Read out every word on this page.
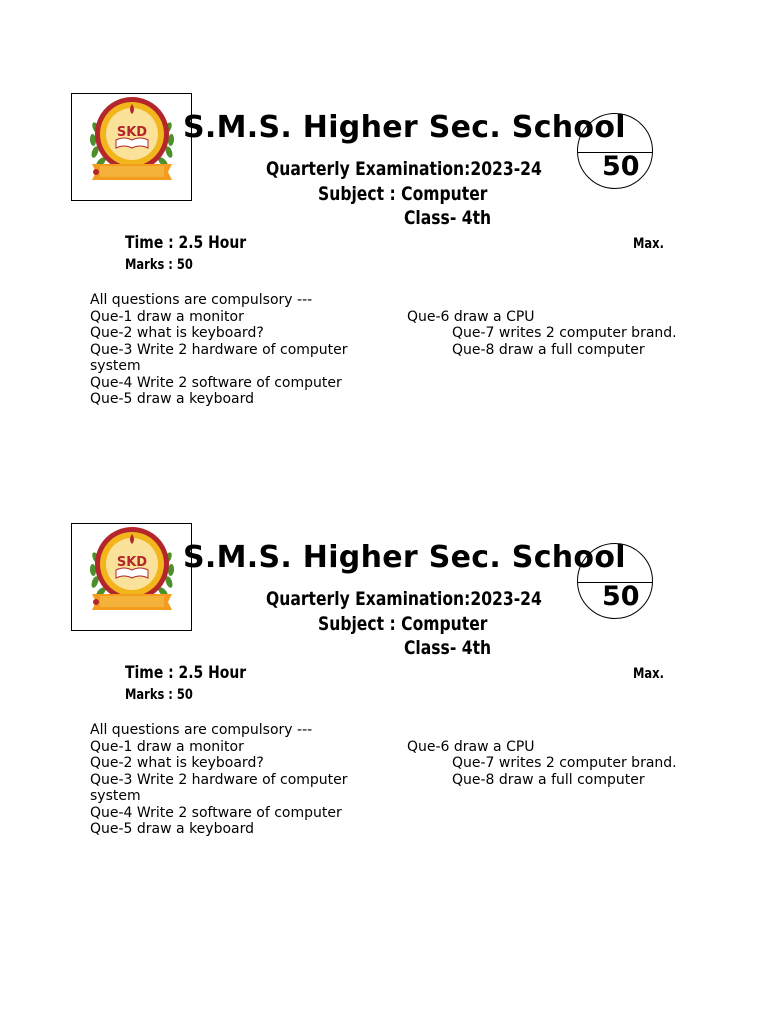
SKD S.M.S. Higher Sec. School
50
Quarterly Examination:2023-24
Subject : Computer
Class- 4th
Time : 2.5 Hour	Max.
Marks : 50
All questions are compulsory ---
Que-1 draw a monitor
Que-2 what is keyboard?
Que-3 Write 2 hardware of computer
system
Que-4 Write 2 software of computer
Que-5 draw a keyboard
Que-6 draw a CPU
Que-7 writes 2 computer brand.
Que-8 draw a full computer
SKD S.M.S. Higher Sec. School
50
Quarterly Examination:2023-24
Subject : Computer
Class- 4th
Time : 2.5 Hour	Max.
Marks : 50
All questions are compulsory ---
Que-1 draw a monitor
Que-2 what is keyboard?
Que-3 Write 2 hardware of computer
system
Que-4 Write 2 software of computer
Que-5 draw a keyboard
Que-6 draw a CPU
Que-7 writes 2 computer brand.
Que-8 draw a full computer
